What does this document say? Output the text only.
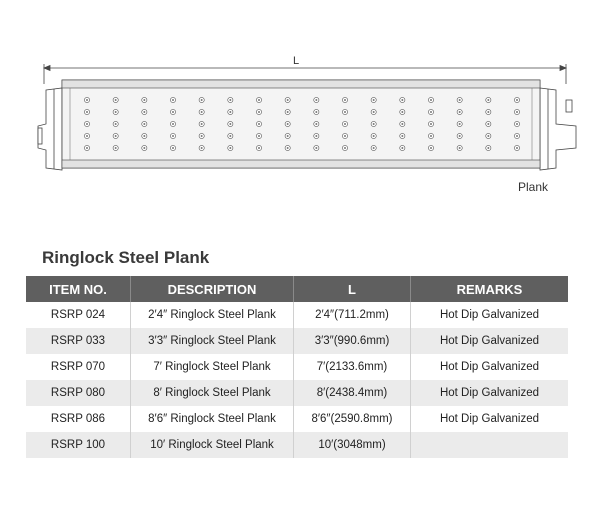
L
Plank
Ringlock Steel Plank
ITEM NO.	DESCRIPTION	L	REMARKS
RSRP 024	2′4″ Ringlock Steel Plank	2′4″(711.2mm)	Hot Dip Galvanized
RSRP 033	3′3″ Ringlock Steel Plank	3′3″(990.6mm)	Hot Dip Galvanized
RSRP 070	7′ Ringlock Steel Plank	7′(2133.6mm)	Hot Dip Galvanized
RSRP 080	8′ Ringlock Steel Plank	8′(2438.4mm)	Hot Dip Galvanized
RSRP 086	8′6″ Ringlock Steel Plank	8′6″(2590.8mm)	Hot Dip Galvanized
RSRP 100	10′ Ringlock Steel Plank	10′(3048mm)	
